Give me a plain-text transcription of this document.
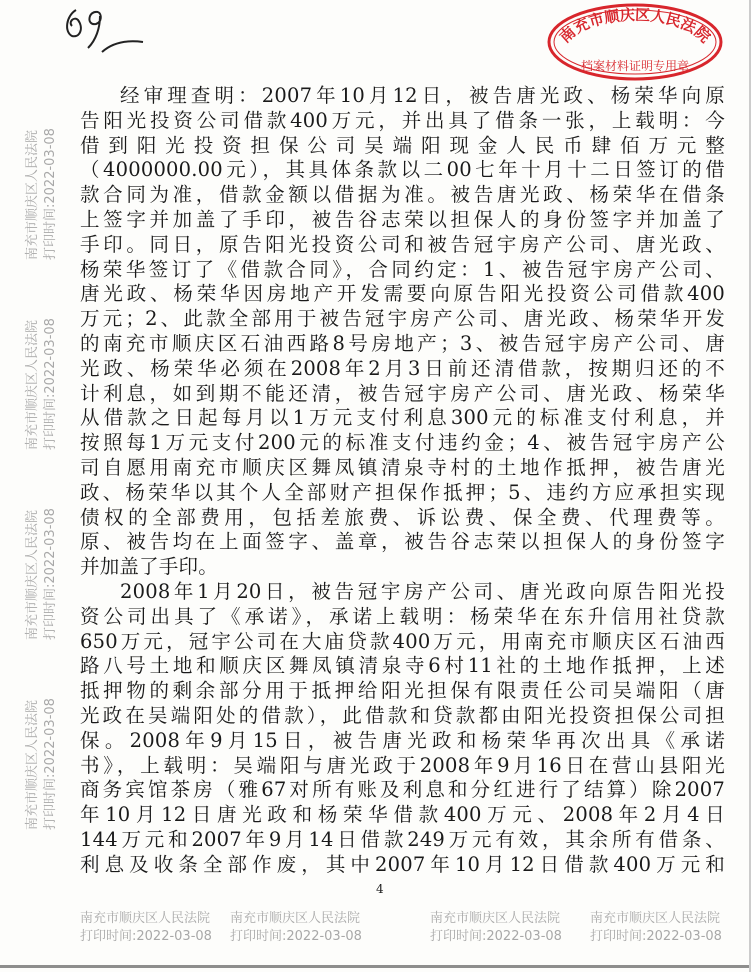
南充市顺庆区人民法院
档案材料证明专用章
经审理查明：2007年10月12日，被告唐光政、杨荣华向原
告阳光投资公司借款400万元，并出具了借条一张，上载明：今
借到阳光投资担保公司吴端阳现金人民币肆佰万元整
（4000000.00元），其具体条款以二00七年十月十二日签订的借
款合同为准，借款金额以借据为准。被告唐光政、杨荣华在借条
上签字并加盖了手印，被告谷志荣以担保人的身份签字并加盖了
手印。同日，原告阳光投资公司和被告冠宇房产公司、唐光政、
杨荣华签订了《借款合同》，合同约定：1、被告冠宇房产公司、
唐光政、杨荣华因房地产开发需要向原告阳光投资公司借款400
万元；2、此款全部用于被告冠宇房产公司、唐光政、杨荣华开发
的南充市顺庆区石油西路8号房地产；3、被告冠宇房产公司、唐
光政、杨荣华必须在2008年2月3日前还清借款，按期归还的不
计利息，如到期不能还清，被告冠宇房产公司、唐光政、杨荣华
从借款之日起每月以1万元支付利息300元的标准支付利息，并
按照每1万元支付200元的标准支付违约金；4、被告冠宇房产公
司自愿用南充市顺庆区舞凤镇清泉寺村的土地作抵押，被告唐光
政、杨荣华以其个人全部财产担保作抵押；5、违约方应承担实现
债权的全部费用，包括差旅费、诉讼费、保全费、代理费等。
原、被告均在上面签字、盖章，被告谷志荣以担保人的身份签字
并加盖了手印。
2008年1月20日，被告冠宇房产公司、唐光政向原告阳光投
资公司出具了《承诺》，承诺上载明：杨荣华在东升信用社贷款
650万元，冠宇公司在大庙贷款400万元，用南充市顺庆区石油西
路八号土地和顺庆区舞凤镇清泉寺6村11社的土地作抵押，上述
抵押物的剩余部分用于抵押给阳光担保有限责任公司吴端阳（唐
光政在吴端阳处的借款），此借款和贷款都由阳光投资担保公司担
保。2008年9月15日，被告唐光政和杨荣华再次出具《承诺
书》，上载明：吴端阳与唐光政于2008年9月16日在营山县阳光
商务宾馆茶房（雅67对所有账及利息和分红进行了结算）除2007
年10月12日唐光政和杨荣华借款400万元、2008年2月4日
144万元和2007年9月14日借款249万元有效，其余所有借条、
利息及收条全部作废，其中2007年10月12日借款400万元和
4
南充市顺庆区人民法院 打印时间:2022-03-08
南充市顺庆区人民法院 打印时间:2022-03-08
南充市顺庆区人民法院 打印时间:2022-03-08
南充市顺庆区人民法院 打印时间:2022-03-08
南充市顺庆区人民法院
打印时间:2022-03-08
南充市顺庆区人民法院
打印时间:2022-03-08
南充市顺庆区人民法院
打印时间:2022-03-08
南充市顺庆区人民法院
打印时间:2022-03-08
